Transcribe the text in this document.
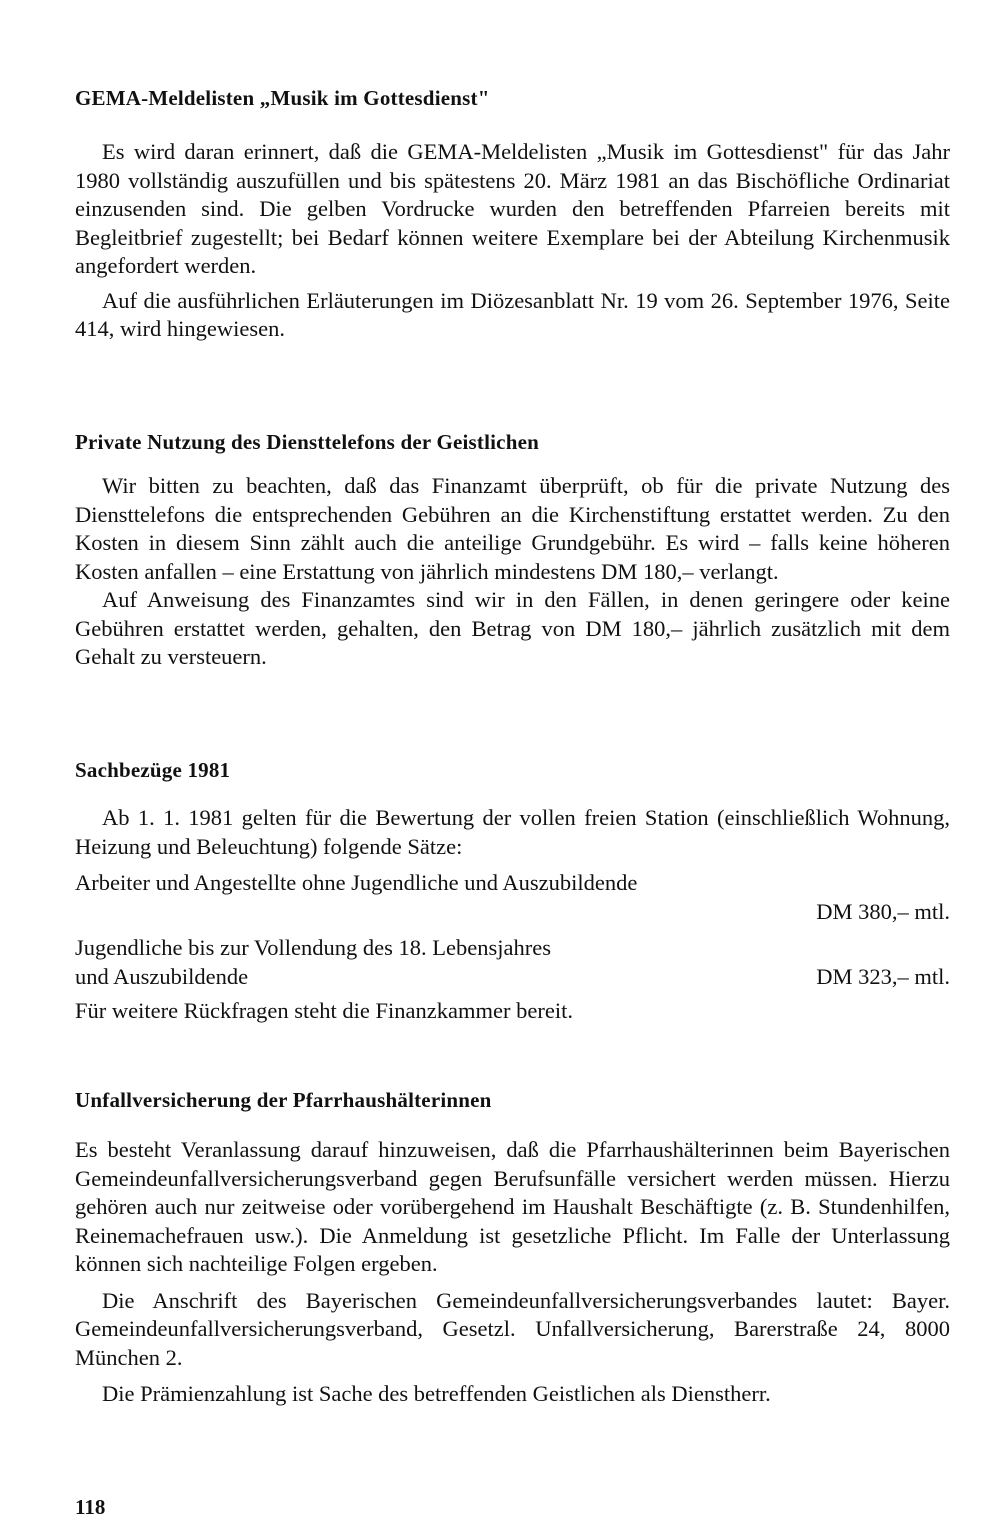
GEMA-Meldelisten „Musik im Gottesdienst"

Es wird daran erinnert, daß die GEMA-Meldelisten „Musik im Gottesdienst" für das Jahr 1980 vollständig auszufüllen und bis spätestens 20. März 1981 an das Bischöfliche Ordinariat einzusenden sind. Die gelben Vordrucke wurden den betreffenden Pfarreien bereits mit Begleitbrief zugestellt; bei Bedarf können weitere Exemplare bei der Abteilung Kirchenmusik angefordert werden.

Auf die ausführlichen Erläuterungen im Diözesanblatt Nr. 19 vom 26. September 1976, Seite 414, wird hingewiesen.

Private Nutzung des Diensttelefons der Geistlichen

Wir bitten zu beachten, daß das Finanzamt überprüft, ob für die private Nutzung des Diensttelefons die entsprechenden Gebühren an die Kirchenstiftung erstattet werden. Zu den Kosten in diesem Sinn zählt auch die anteilige Grundgebühr. Es wird – falls keine höheren Kosten anfallen – eine Erstattung von jährlich mindestens DM 180,– verlangt.

Auf Anweisung des Finanzamtes sind wir in den Fällen, in denen geringere oder keine Gebühren erstattet werden, gehalten, den Betrag von DM 180,– jährlich zusätzlich mit dem Gehalt zu versteuern.

Sachbezüge 1981

Ab 1. 1. 1981 gelten für die Bewertung der vollen freien Station (einschließlich Wohnung, Heizung und Beleuchtung) folgende Sätze:

Arbeiter und Angestellte ohne Jugendliche und Auszubildende
DM 380,– mtl.
Jugendliche bis zur Vollendung des 18. Lebensjahres
und Auszubildende	DM 323,– mtl.

Für weitere Rückfragen steht die Finanzkammer bereit.

Unfallversicherung der Pfarrhaushälterinnen

Es besteht Veranlassung darauf hinzuweisen, daß die Pfarrhaushälterinnen beim Bayerischen Gemeindeunfallversicherungsverband gegen Berufsunfälle versichert werden müssen. Hierzu gehören auch nur zeitweise oder vorübergehend im Haushalt Beschäftigte (z. B. Stundenhilfen, Reinemachefrauen usw.). Die Anmeldung ist gesetzliche Pflicht. Im Falle der Unterlassung können sich nachteilige Folgen ergeben.

Die Anschrift des Bayerischen Gemeindeunfallversicherungsverbandes lautet: Bayer. Gemeindeunfallversicherungsverband, Gesetzl. Unfallversicherung, Barerstraße 24, 8000 München 2.

Die Prämienzahlung ist Sache des betreffenden Geistlichen als Dienstherr.

118
